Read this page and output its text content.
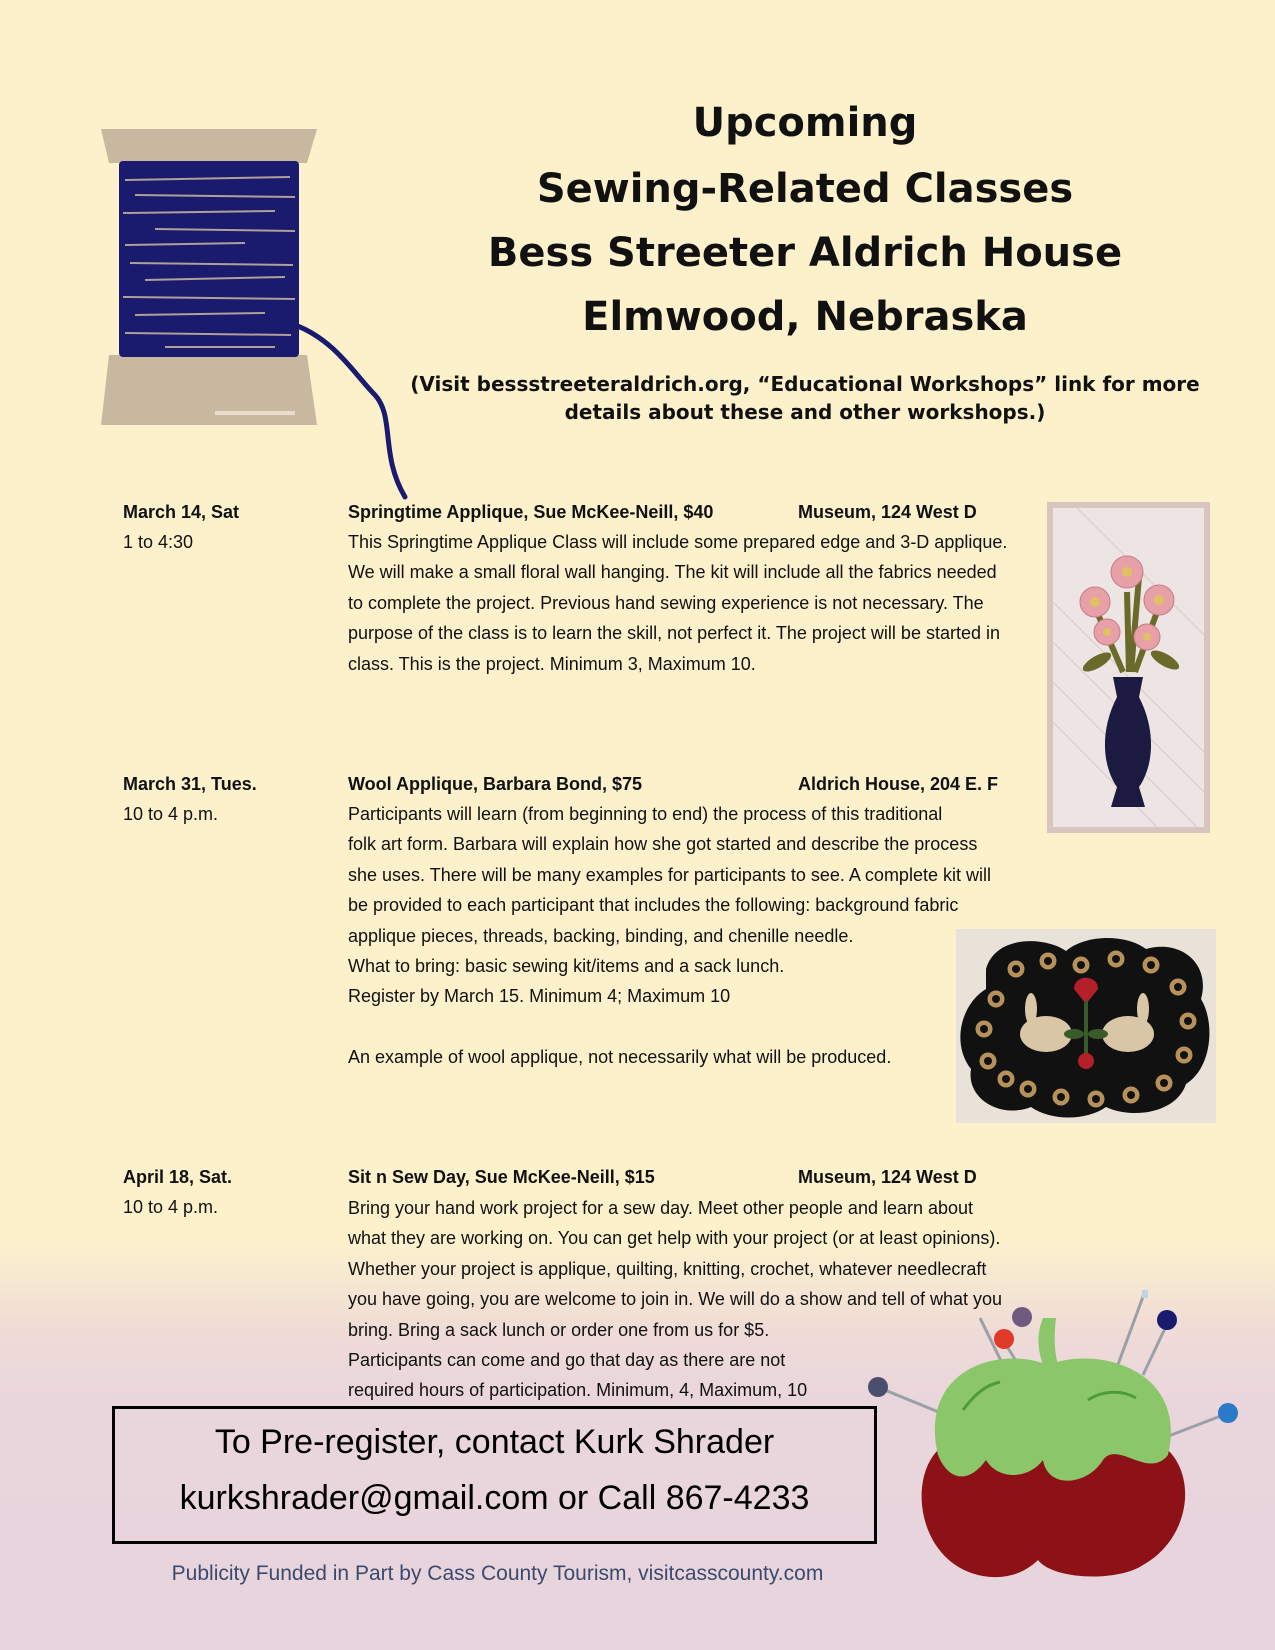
Upcoming
Sewing-Related Classes
Bess Streeter Aldrich House
Elmwood, Nebraska
(Visit bessstreeteraldrich.org, “Educational Workshops” link for more
details about these and other workshops.)
March 14, Sat
1 to 4:30
Springtime Applique, Sue McKee-Neill, $40	Museum, 124 West D
This Springtime Applique Class will include some prepared edge and 3-D applique.
We will make a small floral wall hanging. The kit will include all the fabrics needed
to complete the project. Previous hand sewing experience is not necessary. The
purpose of the class is to learn the skill, not perfect it. The project will be started in
class. This is the project. Minimum 3, Maximum 10.
March 31, Tues.
10 to 4 p.m.
Wool Applique, Barbara Bond, $75	Aldrich House, 204 E. F
Participants will learn (from beginning to end) the process of this traditional
folk art form. Barbara will explain how she got started and describe the process
she uses. There will be many examples for participants to see. A complete kit will
be provided to each participant that includes the following: background fabric
applique pieces, threads, backing, binding, and chenille needle.
What to bring: basic sewing kit/items and a sack lunch.
Register by March 15. Minimum 4; Maximum 10
An example of wool applique, not necessarily what will be produced.
April 18, Sat.
10 to 4 p.m.
Sit n Sew Day, Sue McKee-Neill, $15	Museum, 124 West D
Bring your hand work project for a sew day. Meet other people and learn about
what they are working on. You can get help with your project (or at least opinions).
Whether your project is applique, quilting, knitting, crochet, whatever needlecraft
you have going, you are welcome to join in. We will do a show and tell of what you
bring. Bring a sack lunch or order one from us for $5.
Participants can come and go that day as there are not
required hours of participation. Minimum, 4, Maximum, 10
To Pre-register, contact Kurk Shrader
kurkshrader@gmail.com or Call 867-4233
Publicity Funded in Part by Cass County Tourism, visitcasscounty.com
